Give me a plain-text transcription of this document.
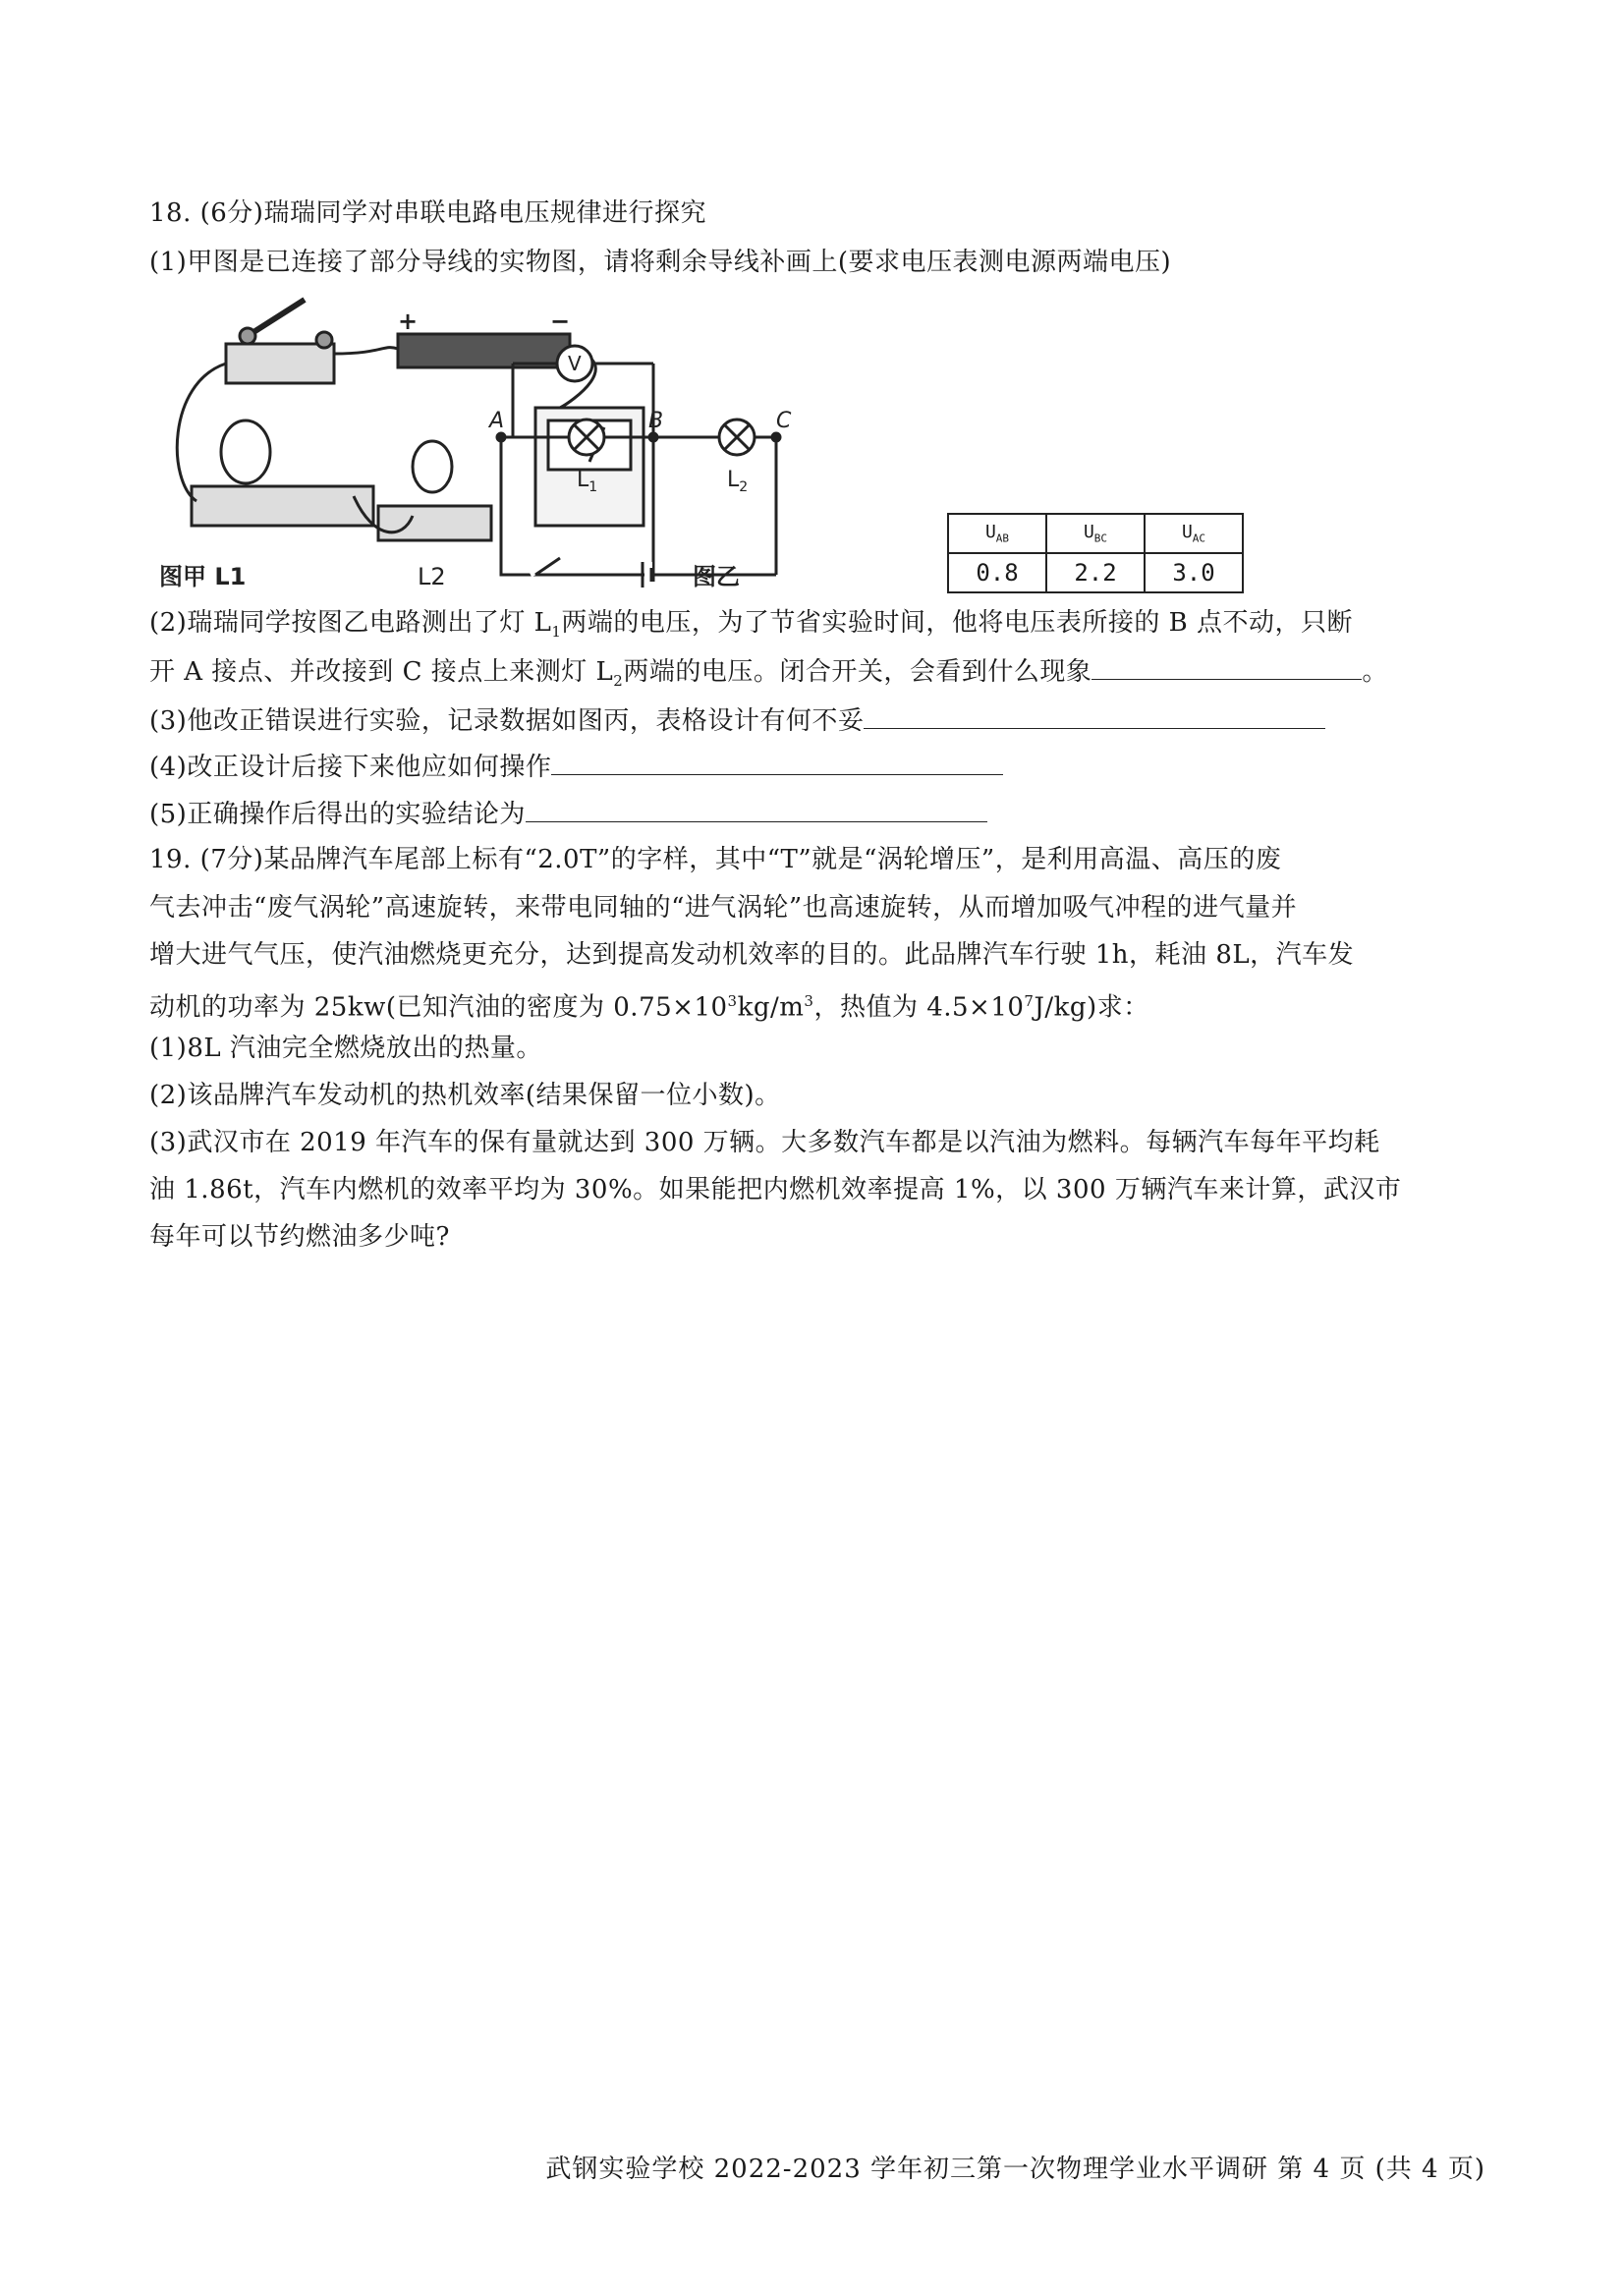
18. (6分)瑞瑞同学对串联电路电压规律进行探究
(1)甲图是已连接了部分导线的实物图，请将剩余导线补画上(要求电压表测电源两端电压)
图甲 L1	L2
+	−
V
A	B	C
$L_1$	$L_2$
图乙
$U_{AB}$	$U_{BC}$	$U_{AC}$
0.8	2.2	3.0
(2)瑞瑞同学按图乙电路测出了灯 $L_1$两端的电压，为了节省实验时间，他将电压表所接的 B 点不动，只断
开 A 接点、并改接到 C 接点上来测灯 $L_2$两端的电压。闭合开关，会看到什么现象	。
(3)他改正错误进行实验，记录数据如图丙，表格设计有何不妥
(4)改正设计后接下来他应如何操作
(5)正确操作后得出的实验结论为
19. (7分)某品牌汽车尾部上标有“2.0T”的字样，其中“T”就是“涡轮增压”，是利用高温、高压的废
气去冲击“废气涡轮”高速旋转，来带电同轴的“进气涡轮”也高速旋转，从而增加吸气冲程的进气量并
增大进气气压，使汽油燃烧更充分，达到提高发动机效率的目的。此品牌汽车行驶 1h，耗油 8L，汽车发
动机的功率为 25kw(已知汽油的密度为 $0.75\times 10^3kg/m^3$，热值为 $4.5\times 10^7J/kg$)求：
(1)8L 汽油完全燃烧放出的热量。
(2)该品牌汽车发动机的热机效率(结果保留一位小数)。
(3)武汉市在 2019 年汽车的保有量就达到 300 万辆。大多数汽车都是以汽油为燃料。每辆汽车每年平均耗
油 1.86t，汽车内燃机的效率平均为 30%。如果能把内燃机效率提高 1%，以 300 万辆汽车来计算，武汉市
每年可以节约燃油多少吨?
武钢实验学校 2022-2023 学年初三第一次物理学业水平调研 第 4 页 (共 4 页)
